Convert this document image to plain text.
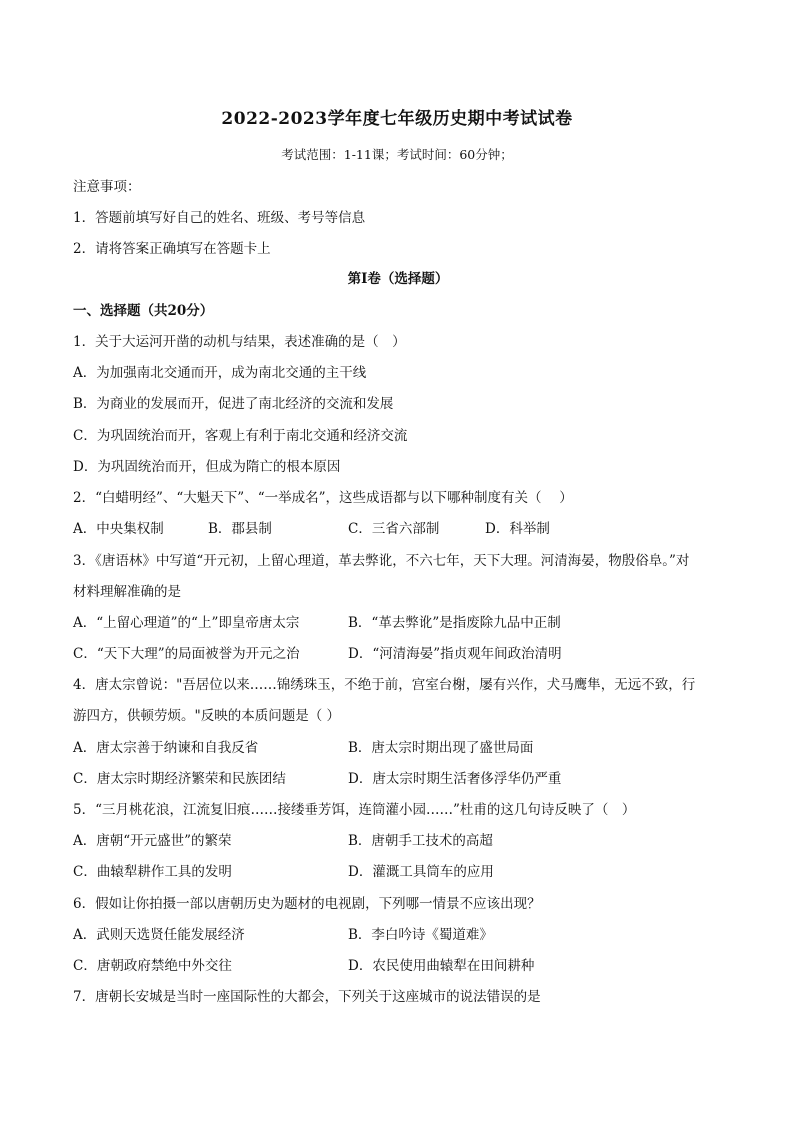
2022-2023学年度七年级历史期中考试试卷
考试范围：1-11课；考试时间：60分钟；
注意事项：
1．答题前填写好自己的姓名、班级、考号等信息
2．请将答案正确填写在答题卡上
第I卷（选择题）
一、选择题（共20分）
1．关于大运河开凿的动机与结果，表述准确的是（　）
A．为加强南北交通而开，成为南北交通的主干线
B．为商业的发展而开，促进了南北经济的交流和发展
C．为巩固统治而开，客观上有利于南北交通和经济交流
D．为巩固统治而开，但成为隋亡的根本原因
2．“白蜡明经”、“大魁天下”、“一举成名”，这些成语都与以下哪种制度有关（　 ）
A．中央集权制	B．郡县制	C．三省六部制	D．科举制
3．《唐语林》中写道“开元初，上留心理道，革去弊讹，不六七年，天下大理。河清海晏，物殷俗阜。”对
材料理解准确的是
A．“上留心理道”的“上”即皇帝唐太宗	B．“革去弊讹”是指废除九品中正制
C．“天下大理”的局面被誉为开元之治	D．“河清海晏”指贞观年间政治清明
4．唐太宗曾说："吾居位以来……锦绣珠玉，不绝于前，宫室台榭，屡有兴作，犬马鹰隼，无远不致，行
游四方，供顿劳烦。"反映的本质问题是（ ）
A．唐太宗善于纳谏和自我反省	B．唐太宗时期出现了盛世局面
C．唐太宗时期经济繁荣和民族团结	D．唐太宗时期生活奢侈浮华仍严重
5．“三月桃花浪，江流复旧痕……接缕垂芳饵，连筒灌小园……”杜甫的这几句诗反映了（　）
A．唐朝“开元盛世”的繁荣	B．唐朝手工技术的高超
C．曲辕犁耕作工具的发明	D．灌溉工具筒车的应用
6．假如让你拍摄一部以唐朝历史为题材的电视剧，下列哪一情景不应该出现？
A．武则天选贤任能发展经济	B．李白吟诗《蜀道难》
C．唐朝政府禁绝中外交往	D．农民使用曲辕犁在田间耕种
7．唐朝长安城是当时一座国际性的大都会，下列关于这座城市的说法错误的是
